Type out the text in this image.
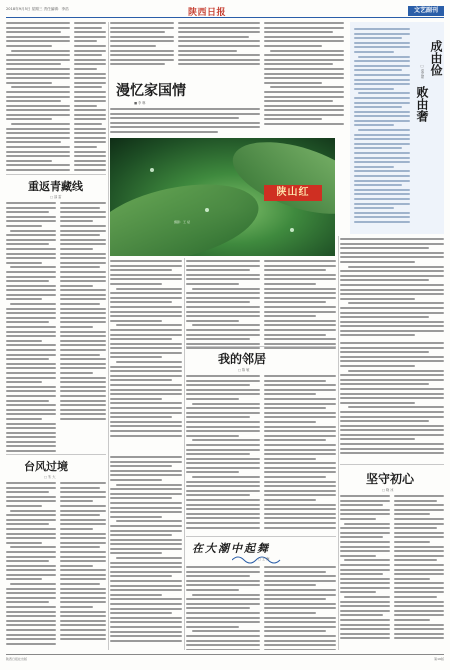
2018年9月5日 星期三 责任编辑：李浩	陕西日报	文艺副刊
漫忆家国情
■ 李 琳
成由俭
败由奢
□ 梁宏斌
陕山红
摄影：王 斌
重返青藏线
□ 邵 雷
我的邻居
□ 陈 敏
坚守初心
□ 晓 冰
台风过境
□ 朱 大
在大潮中起舞
□ 王 海
陕西日报社出版	第16版
